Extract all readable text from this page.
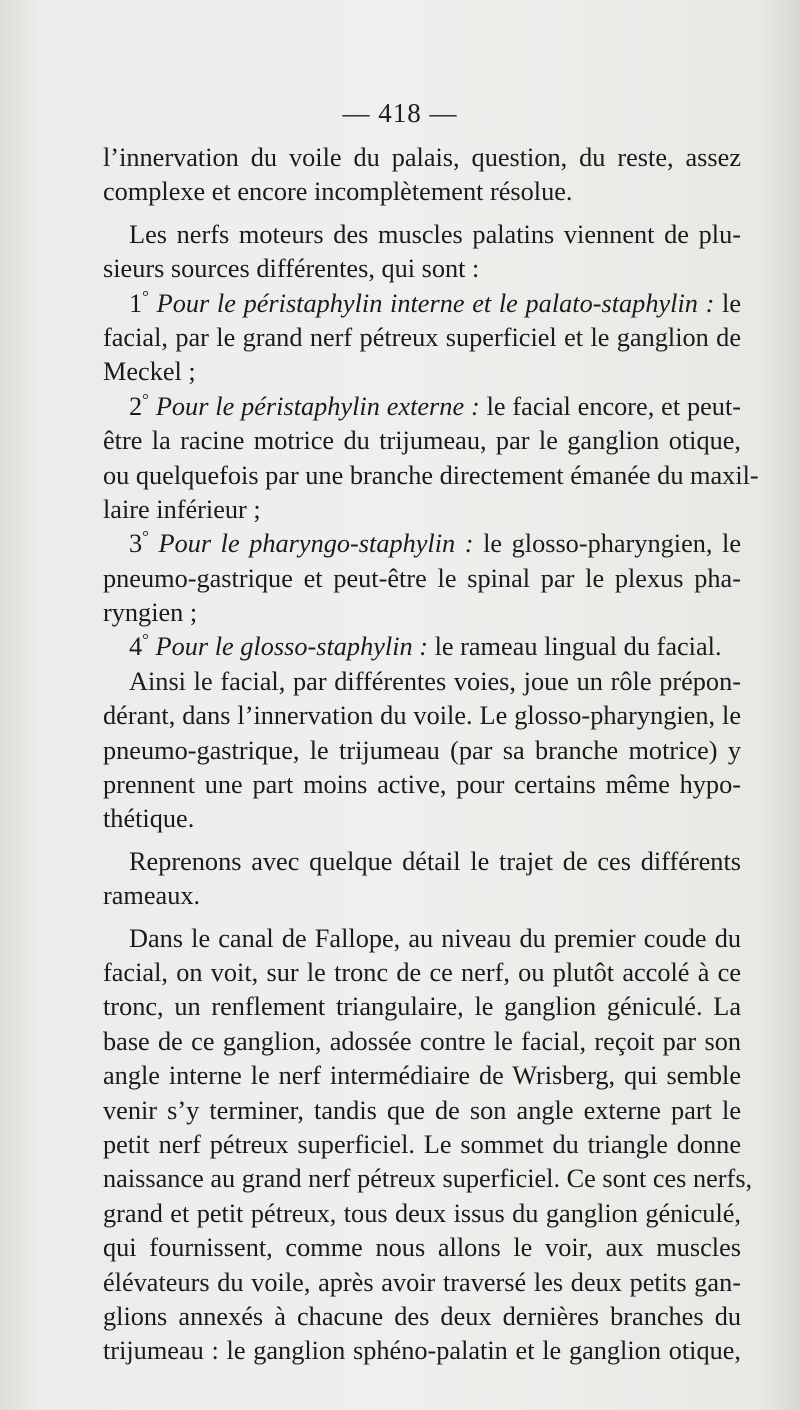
— 418 —
l’innervation du voile du palais, question, du reste, assez
complexe et encore incomplètement résolue.
Les nerfs moteurs des muscles palatins viennent de plu-
sieurs sources différentes, qui sont :
1° Pour le péristaphylin interne et le palato-staphylin : le
facial, par le grand nerf pétreux superficiel et le ganglion de
Meckel ;
2° Pour le péristaphylin externe : le facial encore, et peut-
être la racine motrice du trijumeau, par le ganglion otique,
ou quelquefois par une branche directement émanée du maxil-
laire inférieur ;
3° Pour le pharyngo-staphylin : le glosso-pharyngien, le
pneumo-gastrique et peut-être le spinal par le plexus pha-
ryngien ;
4° Pour le glosso-staphylin : le rameau lingual du facial.
Ainsi le facial, par différentes voies, joue un rôle prépon-
dérant, dans l’innervation du voile. Le glosso-pharyngien, le
pneumo-gastrique, le trijumeau (par sa branche motrice) y
prennent une part moins active, pour certains même hypo-
thétique.
Reprenons avec quelque détail le trajet de ces différents
rameaux.
Dans le canal de Fallope, au niveau du premier coude du
facial, on voit, sur le tronc de ce nerf, ou plutôt accolé à ce
tronc, un renflement triangulaire, le ganglion géniculé. La
base de ce ganglion, adossée contre le facial, reçoit par son
angle interne le nerf intermédiaire de Wrisberg, qui semble
venir s’y terminer, tandis que de son angle externe part le
petit nerf pétreux superficiel. Le sommet du triangle donne
naissance au grand nerf pétreux superficiel. Ce sont ces nerfs,
grand et petit pétreux, tous deux issus du ganglion géniculé,
qui fournissent, comme nous allons le voir, aux muscles
élévateurs du voile, après avoir traversé les deux petits gan-
glions annexés à chacune des deux dernières branches du
trijumeau : le ganglion sphéno-palatin et le ganglion otique,
